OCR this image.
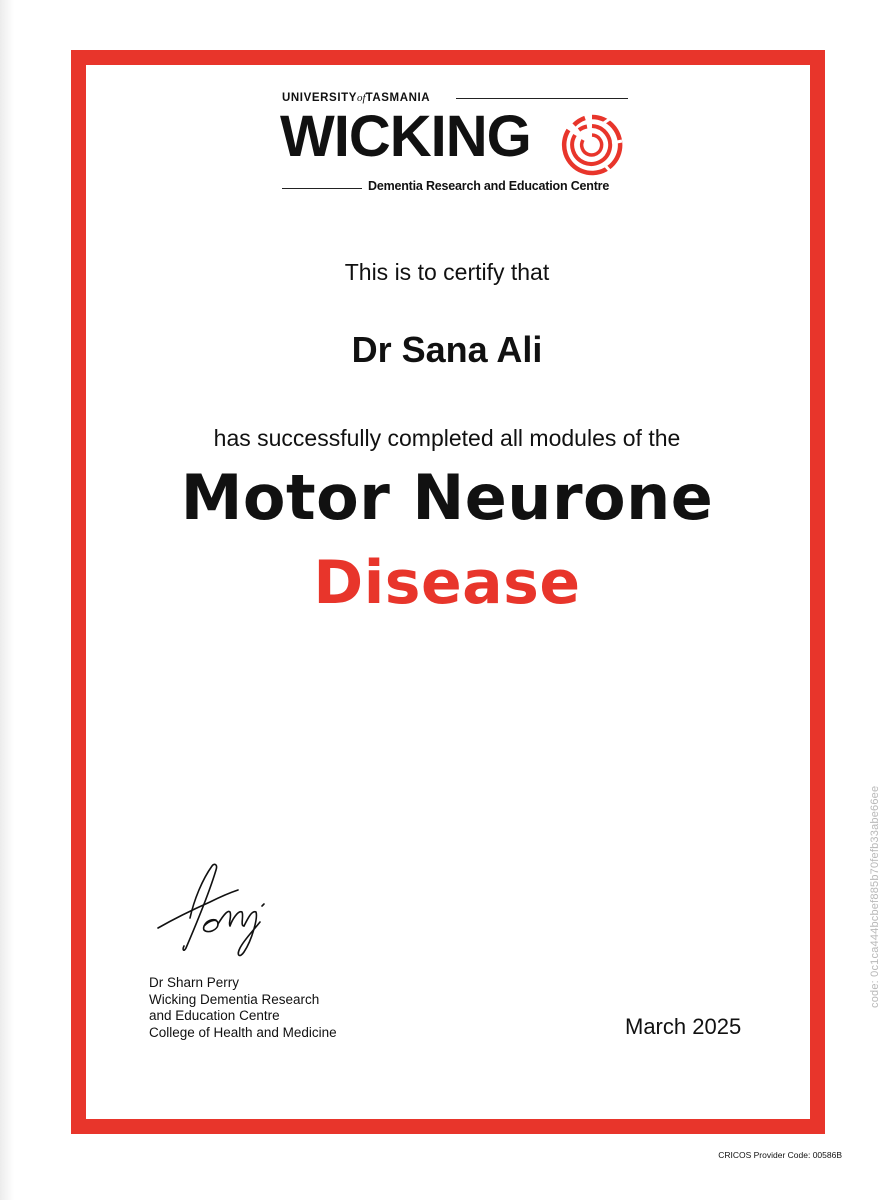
UNIVERSITYofTASMANIA
WICKING
Dementia Research and Education Centre
This is to certify that
Dr Sana Ali
has successfully completed all modules of the
Motor Neurone
Disease
Dr Sharn Perry
Wicking Dementia Research
and Education Centre
College of Health and Medicine	March 2025
code: 0c1ca444bcbef885b70fefb33abe66ee
CRICOS Provider Code: 00586B
